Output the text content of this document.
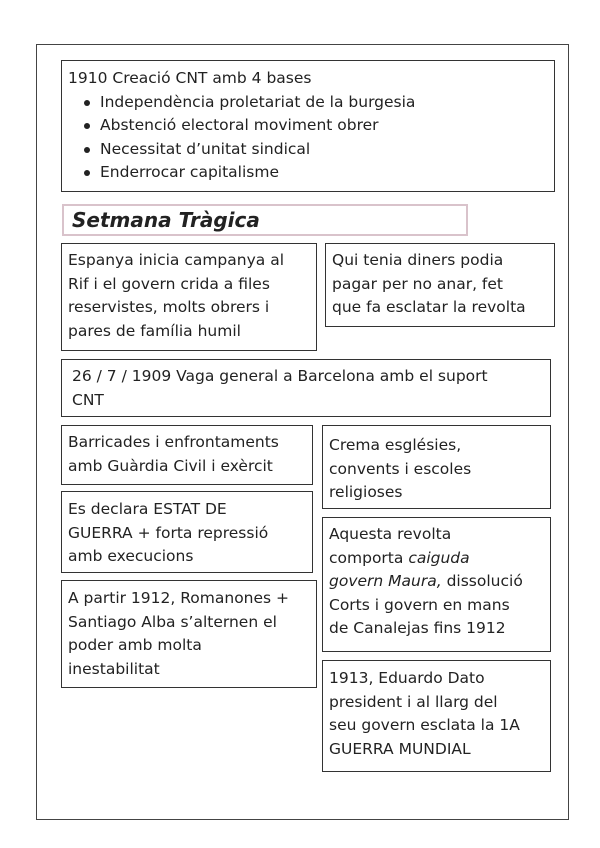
1910 Creació CNT amb 4 bases
Independència proletariat de la burgesia
Abstenció electoral moviment obrer
Necessitat d’unitat sindical
Enderrocar capitalisme
Setmana Tràgica
Espanya inicia campanya al
Rif i el govern crida a files
reservistes, molts obrers i
pares de família humil
Qui tenia diners podia
pagar per no anar, fet
que fa esclatar la revolta
26 / 7 / 1909 Vaga general a Barcelona amb el suport
CNT
Barricades i enfrontaments
amb Guàrdia Civil i exèrcit
Crema esglésies,
convents i escoles
religioses
Es declara ESTAT DE
GUERRA + forta repressió
amb execucions
Aquesta revolta
comporta caiguda
govern Maura, dissolució
Corts i govern en mans
de Canalejas fins 1912
A partir 1912, Romanones +
Santiago Alba s’alternen el
poder amb molta
inestabilitat
1913, Eduardo Dato
president i al llarg del
seu govern esclata la 1A
GUERRA MUNDIAL
